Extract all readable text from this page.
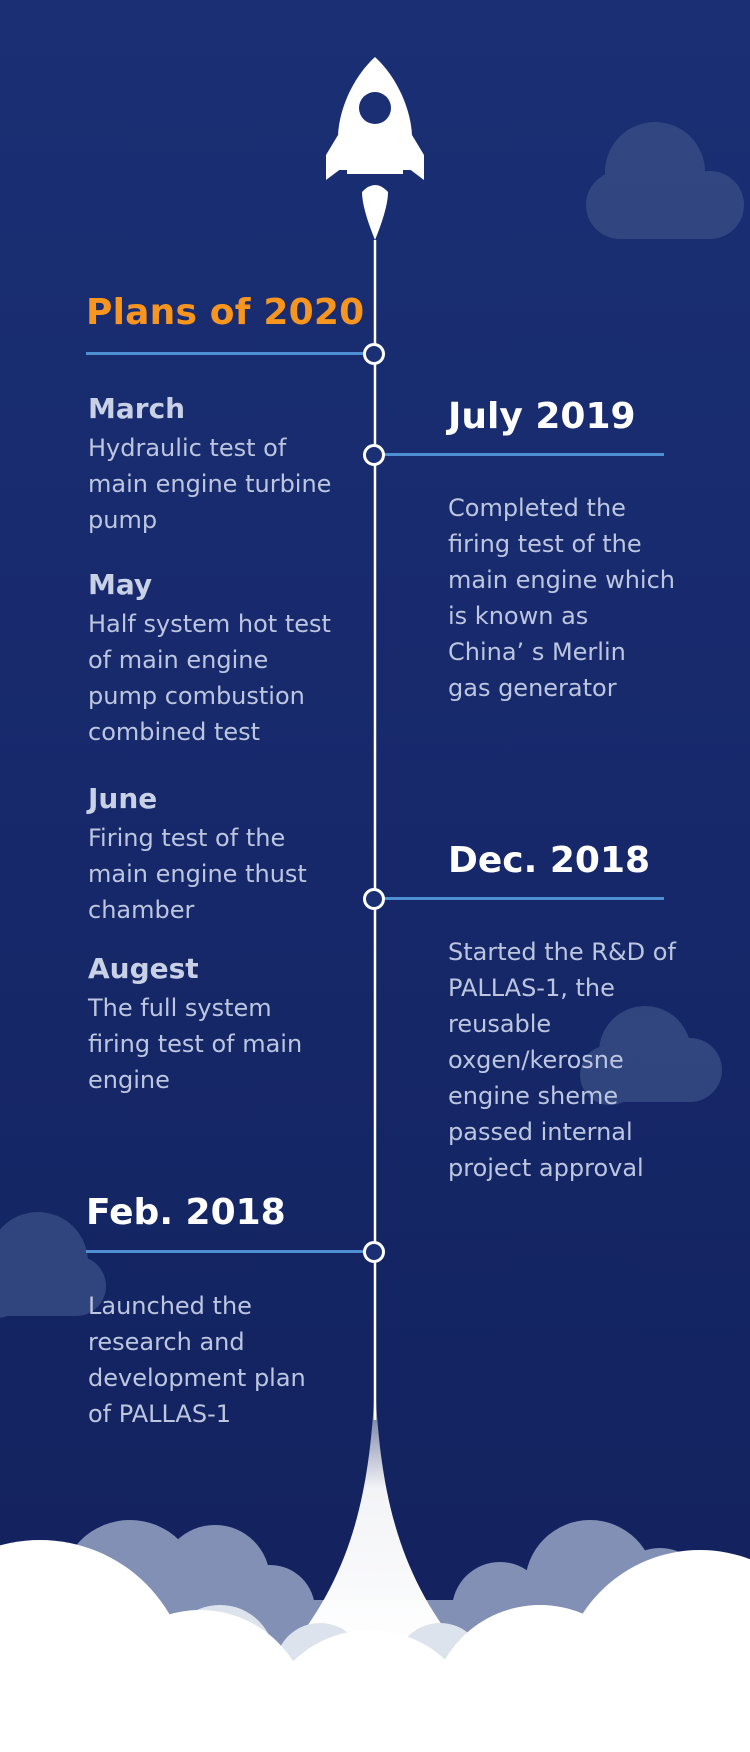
Plans of 2020
March
Hydraulic test of
main engine turbine
pump
May
Half system hot test
of main engine
pump combustion
combined test
June
Firing test of the
main engine thust
chamber
Augest
The full system
firing test of main
engine
July 2019
Completed the
firing test of the
main engine which
is known as
China’ s Merlin
gas generator
Dec. 2018
Started the R&D of
PALLAS-1, the
reusable
oxgen/kerosne
engine sheme
passed internal
project approval
Feb. 2018
Launched the
research and
development plan
of PALLAS-1
